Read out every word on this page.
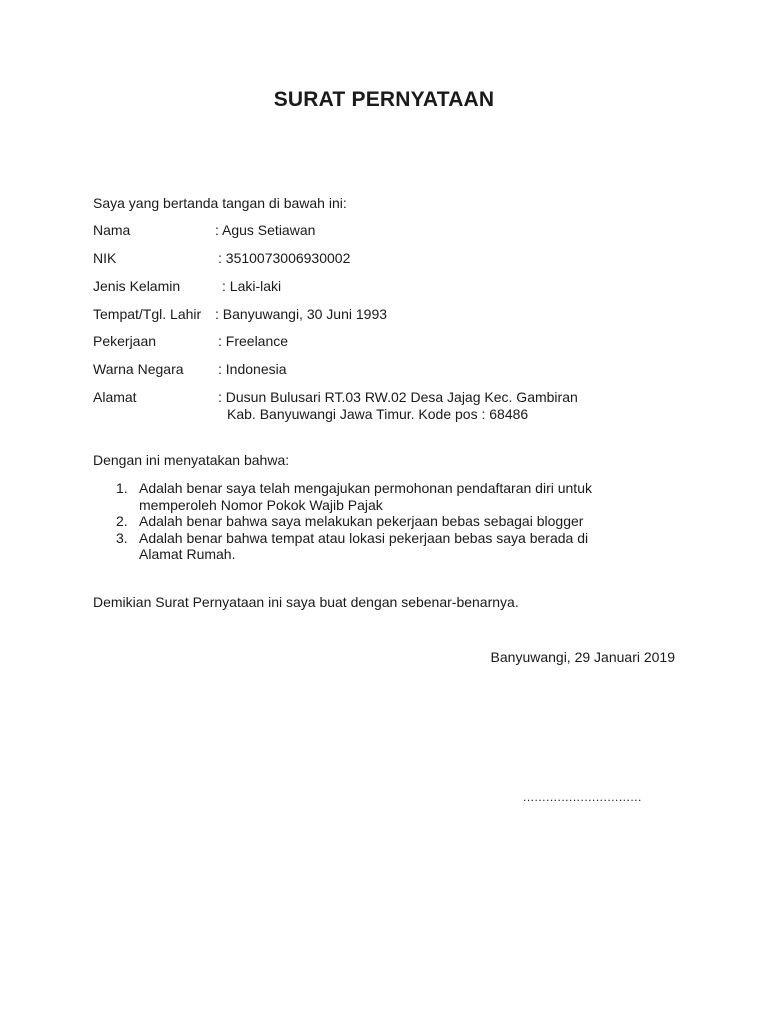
SURAT PERNYATAAN
Saya yang bertanda tangan di bawah ini:
Nama	: Agus Setiawan
NIK	: 3510073006930002
Jenis Kelamin	: Laki-laki
Tempat/Tgl. Lahir : Banyuwangi, 30 Juni 1993
Pekerjaan	: Freelance
Warna Negara : Indonesia
Alamat	: Dusun Bulusari RT.03 RW.02 Desa Jajag Kec. Gambiran
Kab. Banyuwangi Jawa Timur. Kode pos : 68486
Dengan ini menyatakan bahwa:
1. Adalah benar saya telah mengajukan permohonan pendaftaran diri untuk
memperoleh Nomor Pokok Wajib Pajak
2. Adalah benar bahwa saya melakukan pekerjaan bebas sebagai blogger
3. Adalah benar bahwa tempat atau lokasi pekerjaan bebas saya berada di
Alamat Rumah.
Demikian Surat Pernyataan ini saya buat dengan sebenar-benarnya.
Banyuwangi, 29 Januari 2019
...............................
